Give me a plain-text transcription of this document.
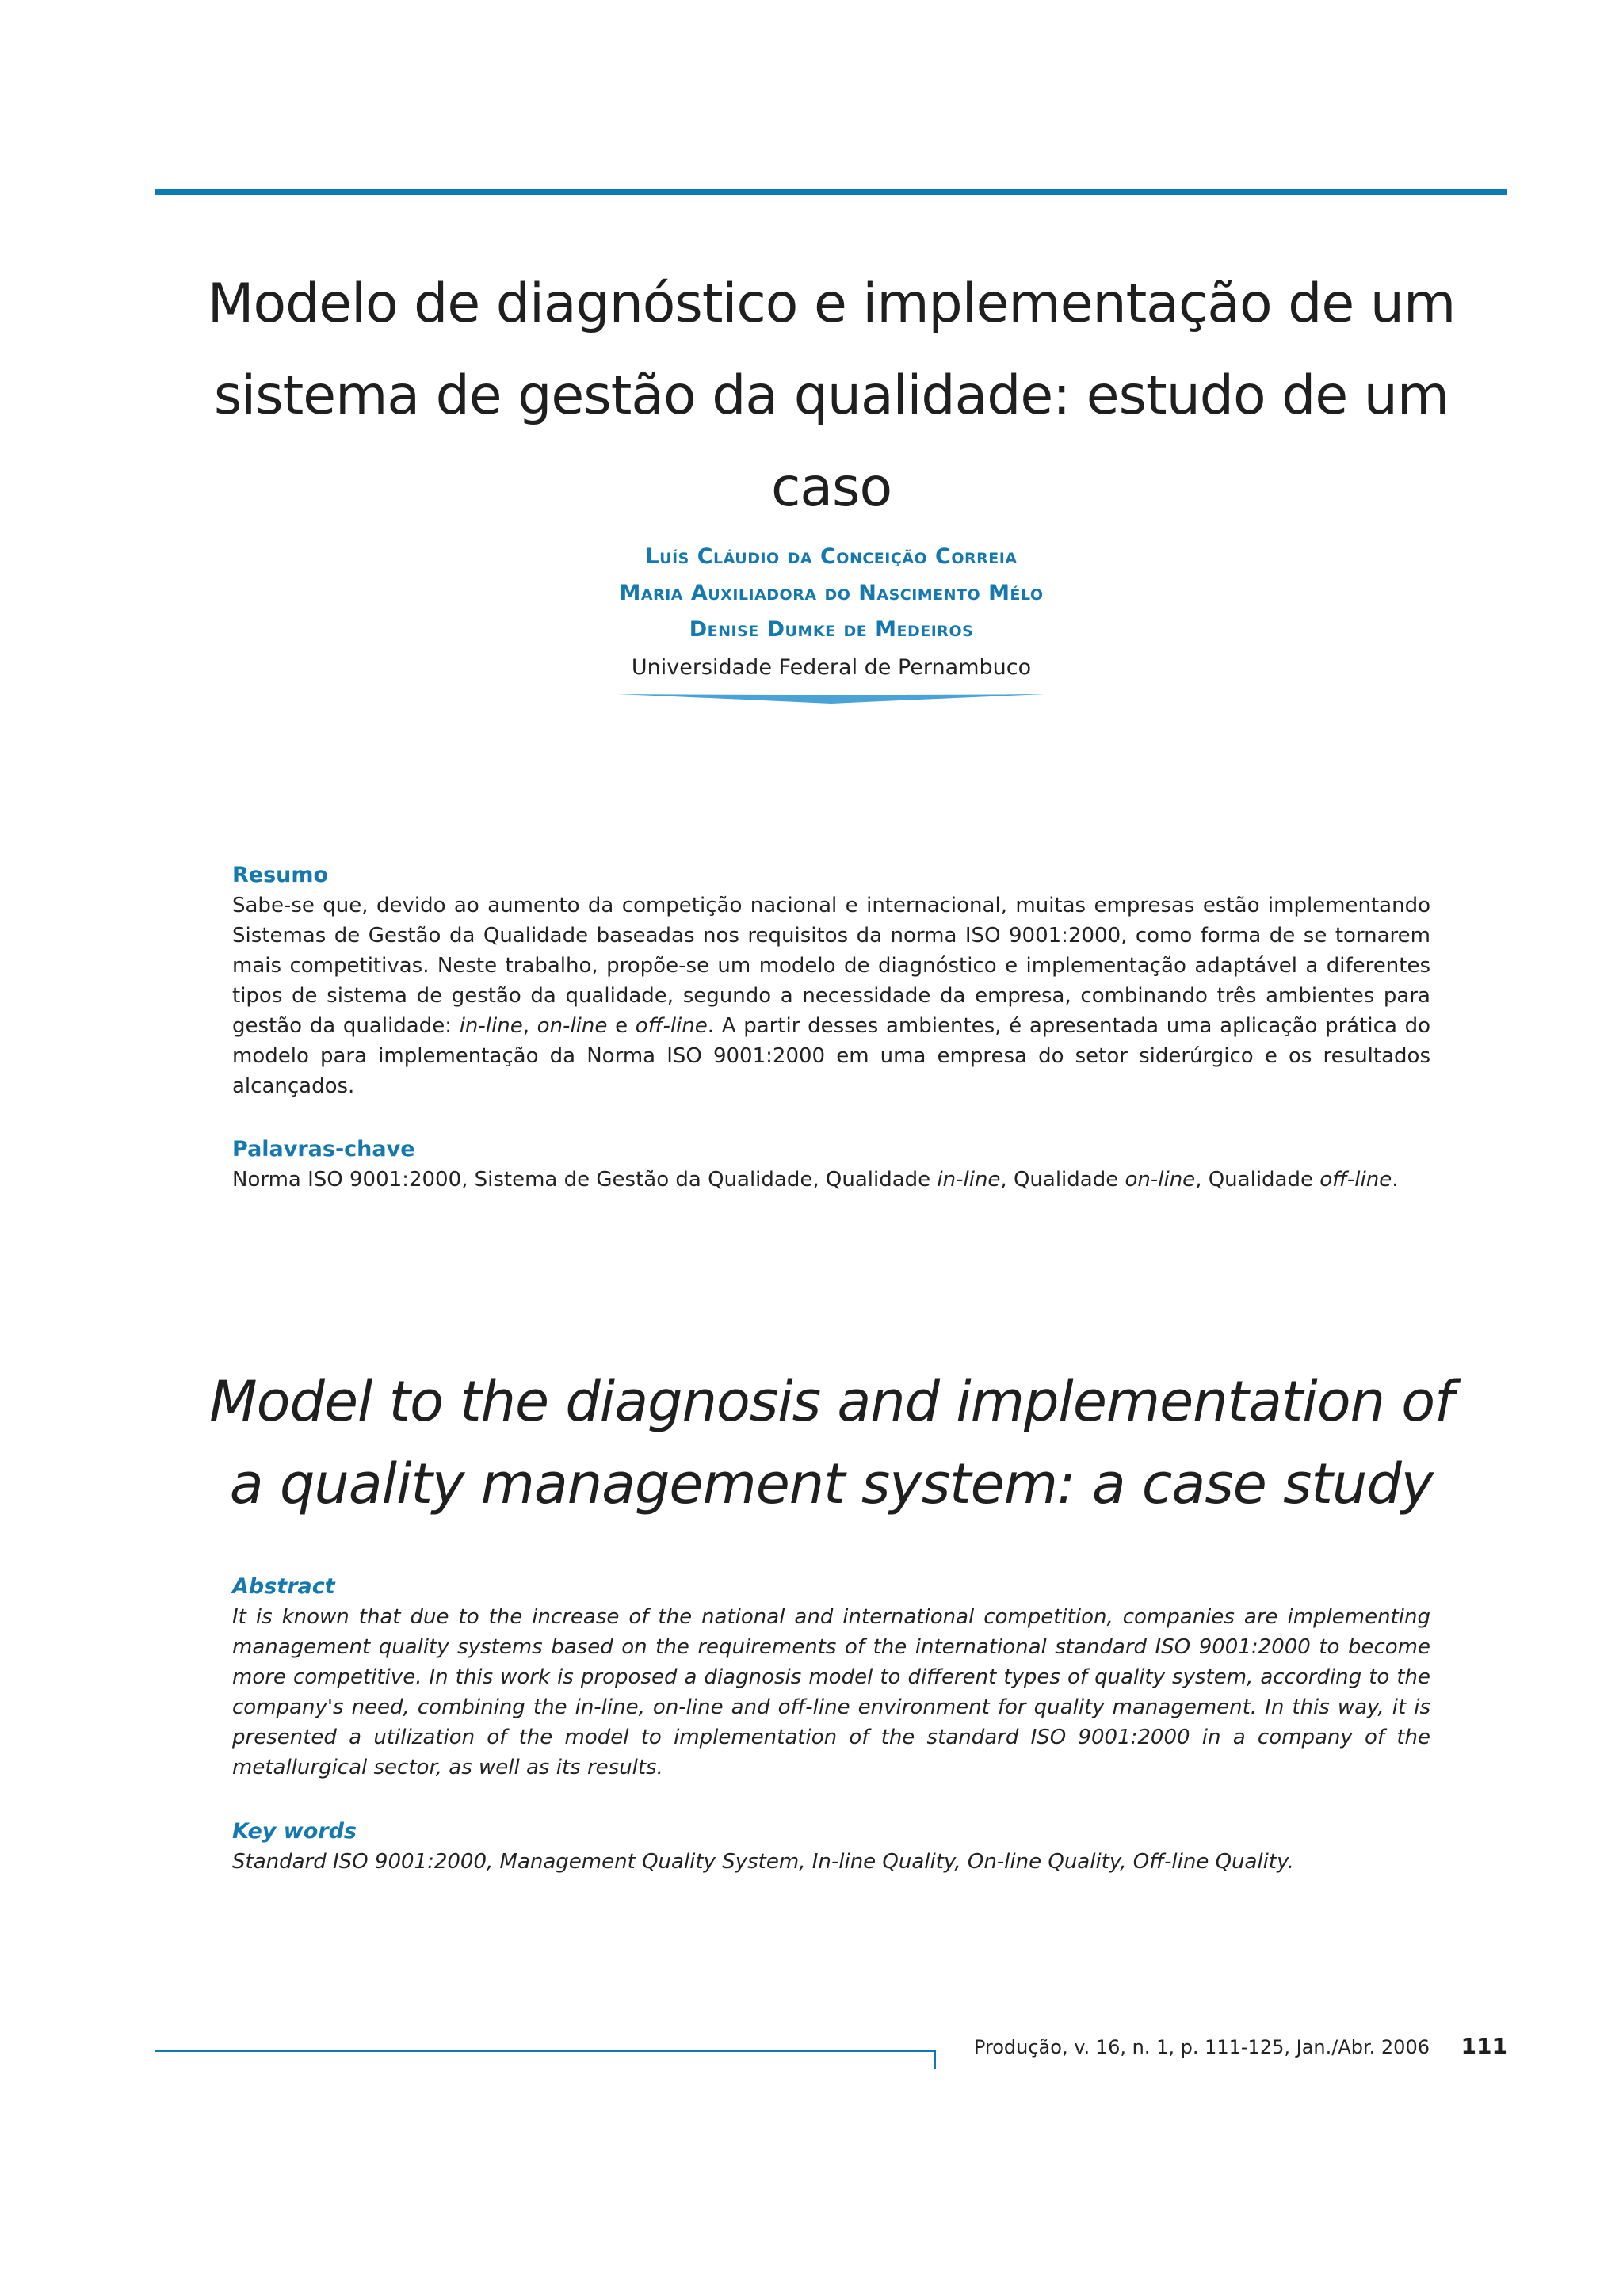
Modelo de diagnóstico e implementação de um
sistema de gestão da qualidade: estudo de um caso
Luís Cláudio da Conceição Correia
Maria Auxiliadora do Nascimento Mélo
Denise Dumke de Medeiros
Universidade Federal de Pernambuco
Resumo
Sabe-se que, devido ao aumento da competição nacional e internacional, muitas empresas estão implementando Sistemas de Gestão da Qualidade baseadas nos requisitos da norma ISO 9001:2000, como forma de se tornarem mais competitivas. Neste trabalho, propõe-se um modelo de diagnóstico e implementação adaptável a diferentes tipos de sistema de gestão da qualidade, segundo a necessidade da empresa, combinando três ambientes para gestão da qualidade: in-line, on-line e off-line. A partir desses ambientes, é apresentada uma aplicação prática do modelo para implementação da Norma ISO 9001:2000 em uma empresa do setor siderúrgico e os resultados alcançados.
Palavras-chave
Norma ISO 9001:2000, Sistema de Gestão da Qualidade, Qualidade in-line, Qualidade on-line, Qualidade off-line.
Model to the diagnosis and implementation of
a quality management system: a case study
Abstract
It is known that due to the increase of the national and international competition, companies are implementing management quality systems based on the requirements of the international standard ISO 9001:2000 to become more competitive. In this work is proposed a diagnosis model to different types of quality system, according to the company's need, combining the in-line, on-line and off-line environment for quality management. In this way, it is presented a utilization of the model to implementation of the standard ISO 9001:2000 in a company of the metallurgical sector, as well as its results.
Key words
Standard ISO 9001:2000, Management Quality System, In-line Quality, On-line Quality, Off-line Quality.
Produção, v. 16, n. 1, p. 111-125, Jan./Abr. 2006	111
